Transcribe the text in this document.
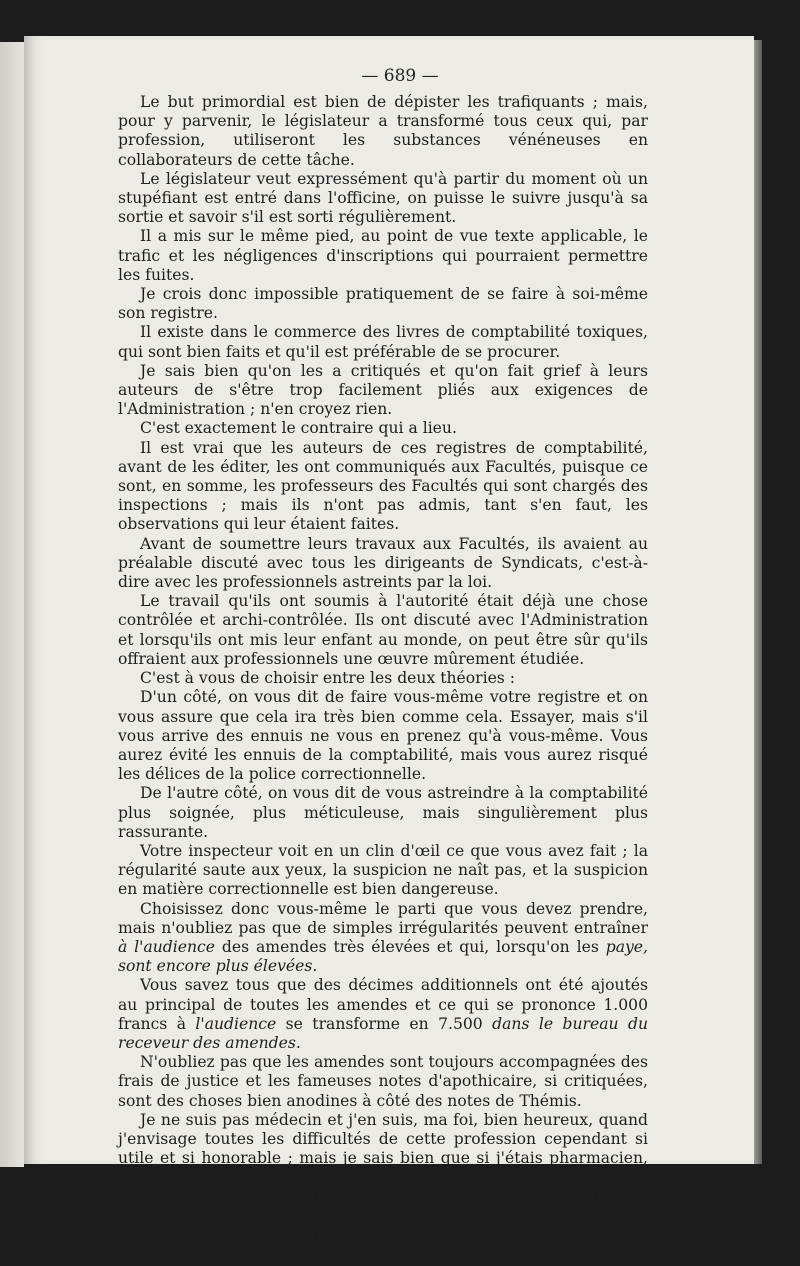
— 689 —

Le but primordial est bien de dépister les trafiquants ; mais, pour y parvenir, le législateur a transformé tous ceux qui, par profession, utiliseront les substances vénéneuses en collaborateurs de cette tâche.

Le législateur veut expressément qu'à partir du moment où un stupéfiant est entré dans l'officine, on puisse le suivre jusqu'à sa sortie et savoir s'il est sorti régulièrement.

Il a mis sur le même pied, au point de vue texte applicable, le trafic et les négligences d'inscriptions qui pourraient permettre les fuites.

Je crois donc impossible pratiquement de se faire à soi-même son registre.

Il existe dans le commerce des livres de comptabilité toxiques, qui sont bien faits et qu'il est préférable de se procurer.

Je sais bien qu'on les a critiqués et qu'on fait grief à leurs auteurs de s'être trop facilement pliés aux exigences de l'Administration ; n'en croyez rien.

C'est exactement le contraire qui a lieu.

Il est vrai que les auteurs de ces registres de comptabilité, avant de les éditer, les ont communiqués aux Facultés, puisque ce sont, en somme, les professeurs des Facultés qui sont chargés des inspections ; mais ils n'ont pas admis, tant s'en faut, les observations qui leur étaient faites.

Avant de soumettre leurs travaux aux Facultés, ils avaient au préalable discuté avec tous les dirigeants de Syndicats, c'est-à-dire avec les professionnels astreints par la loi.

Le travail qu'ils ont soumis à l'autorité était déjà une chose contrôlée et archi-contrôlée. Ils ont discuté avec l'Administration et lorsqu'ils ont mis leur enfant au monde, on peut être sûr qu'ils offraient aux professionnels une œuvre mûrement étudiée.

C'est à vous de choisir entre les deux théories :

D'un côté, on vous dit de faire vous-même votre registre et on vous assure que cela ira très bien comme cela. Essayer, mais s'il vous arrive des ennuis ne vous en prenez qu'à vous-même. Vous aurez évité les ennuis de la comptabilité, mais vous aurez risqué les délices de la police correctionnelle.

De l'autre côté, on vous dit de vous astreindre à la comptabilité plus soignée, plus méticuleuse, mais singulièrement plus rassurante.

Votre inspecteur voit en un clin d'œil ce que vous avez fait ; la régularité saute aux yeux, la suspicion ne naît pas, et la suspicion en matière correctionnelle est bien dangereuse.

Choisissez donc vous-même le parti que vous devez prendre, mais n'oubliez pas que de simples irrégularités peuvent entraîner à l'audience des amendes très élevées et qui, lorsqu'on les paye, sont encore plus élevées.

Vous savez tous que des décimes additionnels ont été ajoutés au principal de toutes les amendes et ce qui se prononce 1.000 francs à l'audience se transforme en 7.500 dans le bureau du receveur des amendes.

N'oubliez pas que les amendes sont toujours accompagnées des frais de justice et les fameuses notes d'apothicaire, si critiquées, sont des choses bien anodines à côté des notes de Thémis.

Je ne suis pas médecin et j'en suis, ma foi, bien heureux, quand j'envisage toutes les difficultés de cette profession cependant si utile et si honorable ; mais je sais bien que si j'étais pharmacien, mon choix serait vite fait.

J'ai horreur de la justice, je la crains ; je crains ses notes, les casiers judiciaires dont elle vous meuble. J'aime dormir tranquille et je ferais tout pour arriver à ce résultat.

(L'Union pharmaceutique).
